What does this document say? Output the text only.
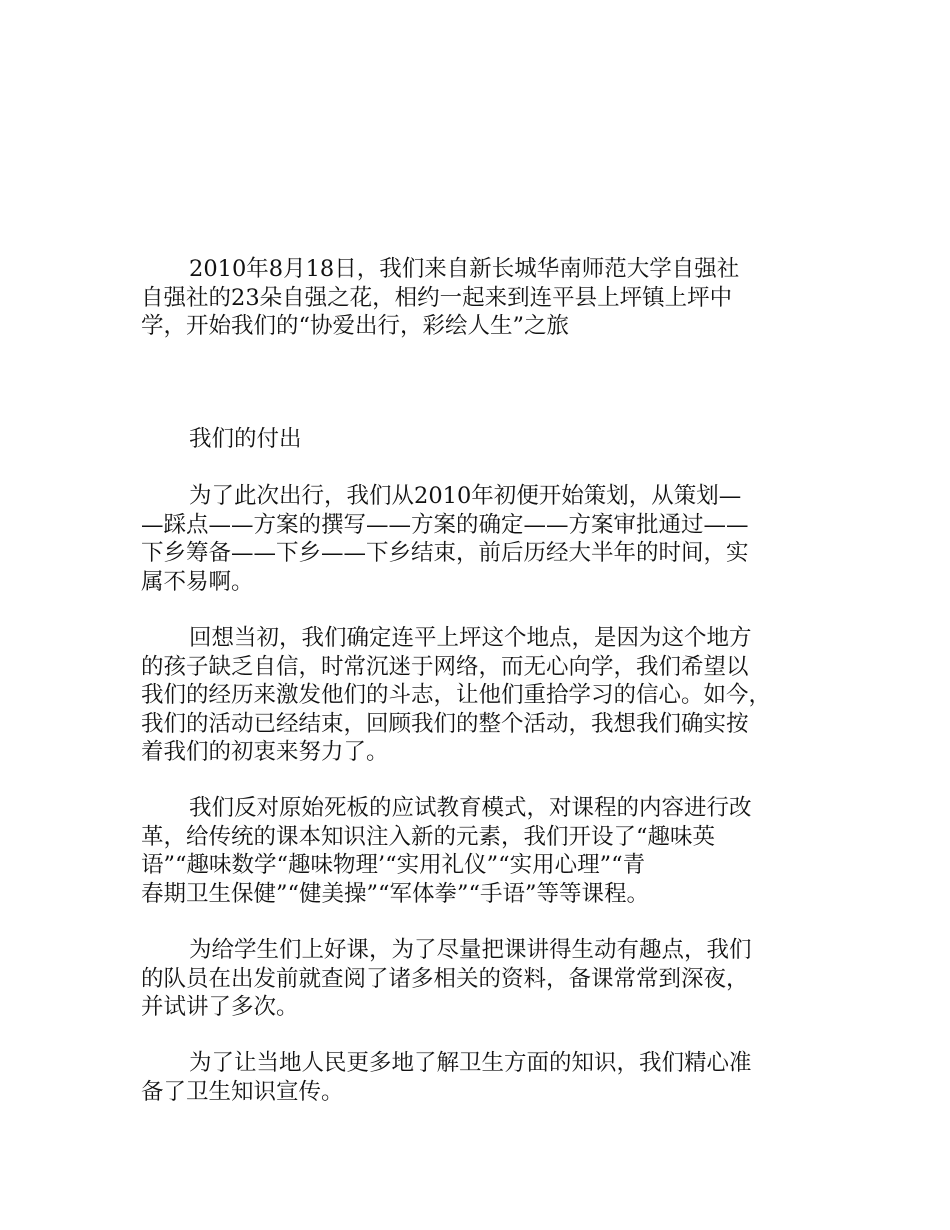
2010年8月18日，我们来自新长城华南师范大学自强社
自强社的23朵自强之花，相约一起来到连平县上坪镇上坪中
学，开始我们的“协爱出行，彩绘人生”之旅
我们的付出
为了此次出行，我们从2010年初便开始策划，从策划—
—踩点——方案的撰写——方案的确定——方案审批通过——
下乡筹备——下乡——下乡结束，前后历经大半年的时间，实
属不易啊。
回想当初，我们确定连平上坪这个地点，是因为这个地方
的孩子缺乏自信，时常沉迷于网络，而无心向学，我们希望以
我们的经历来激发他们的斗志，让他们重拾学习的信心。如今，
我们的活动已经结束，回顾我们的整个活动，我想我们确实按
着我们的初衷来努力了。
我们反对原始死板的应试教育模式，对课程的内容进行改
革，给传统的课本知识注入新的元素，我们开设了“趣味英
语”“趣味数学“趣味物理’“实用礼仪”“实用心理”“青
春期卫生保健”“健美操”“军体拳”“手语”等等课程。
为给学生们上好课，为了尽量把课讲得生动有趣点，我们
的队员在出发前就查阅了诸多相关的资料，备课常常到深夜，
并试讲了多次。
为了让当地人民更多地了解卫生方面的知识，我们精心准
备了卫生知识宣传。
